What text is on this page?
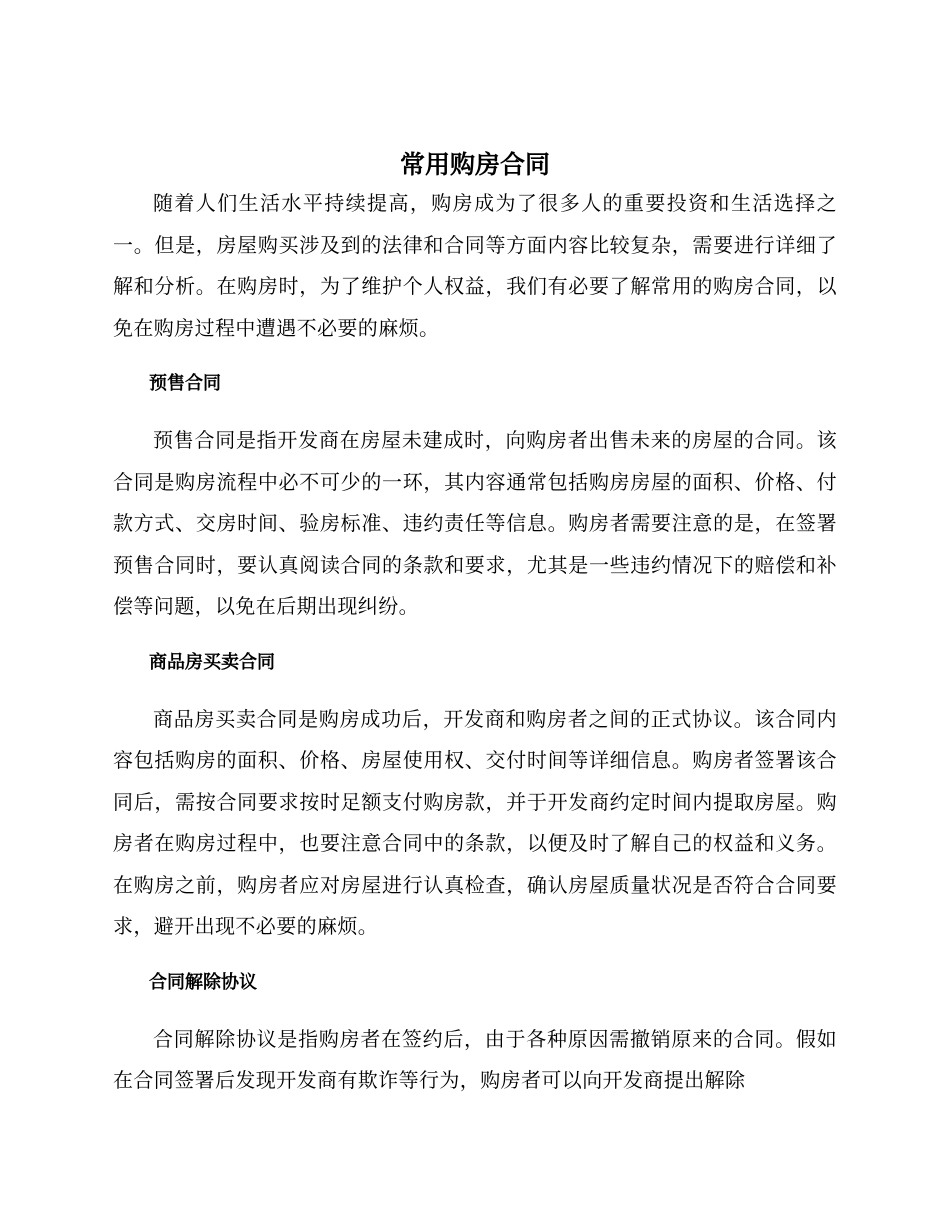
常用购房合同

随着人们生活水平持续提高，购房成为了很多人的重要投资和生活选择之一。但是，房屋购买涉及到的法律和合同等方面内容比较复杂，需要进行详细了解和分析。在购房时，为了维护个人权益，我们有必要了解常用的购房合同，以免在购房过程中遭遇不必要的麻烦。

预售合同

预售合同是指开发商在房屋未建成时，向购房者出售未来的房屋的合同。该合同是购房流程中必不可少的一环，其内容通常包括购房房屋的面积、价格、付款方式、交房时间、验房标准、违约责任等信息。购房者需要注意的是，在签署预售合同时，要认真阅读合同的条款和要求，尤其是一些违约情况下的赔偿和补偿等问题，以免在后期出现纠纷。

商品房买卖合同

商品房买卖合同是购房成功后，开发商和购房者之间的正式协议。该合同内容包括购房的面积、价格、房屋使用权、交付时间等详细信息。购房者签署该合同后，需按合同要求按时足额支付购房款，并于开发商约定时间内提取房屋。购房者在购房过程中，也要注意合同中的条款，以便及时了解自己的权益和义务。在购房之前，购房者应对房屋进行认真检查，确认房屋质量状况是否符合合同要求，避开出现不必要的麻烦。

合同解除协议

合同解除协议是指购房者在签约后，由于各种原因需撤销原来的合同。假如在合同签署后发现开发商有欺诈等行为，购房者可以向开发商提出解除
